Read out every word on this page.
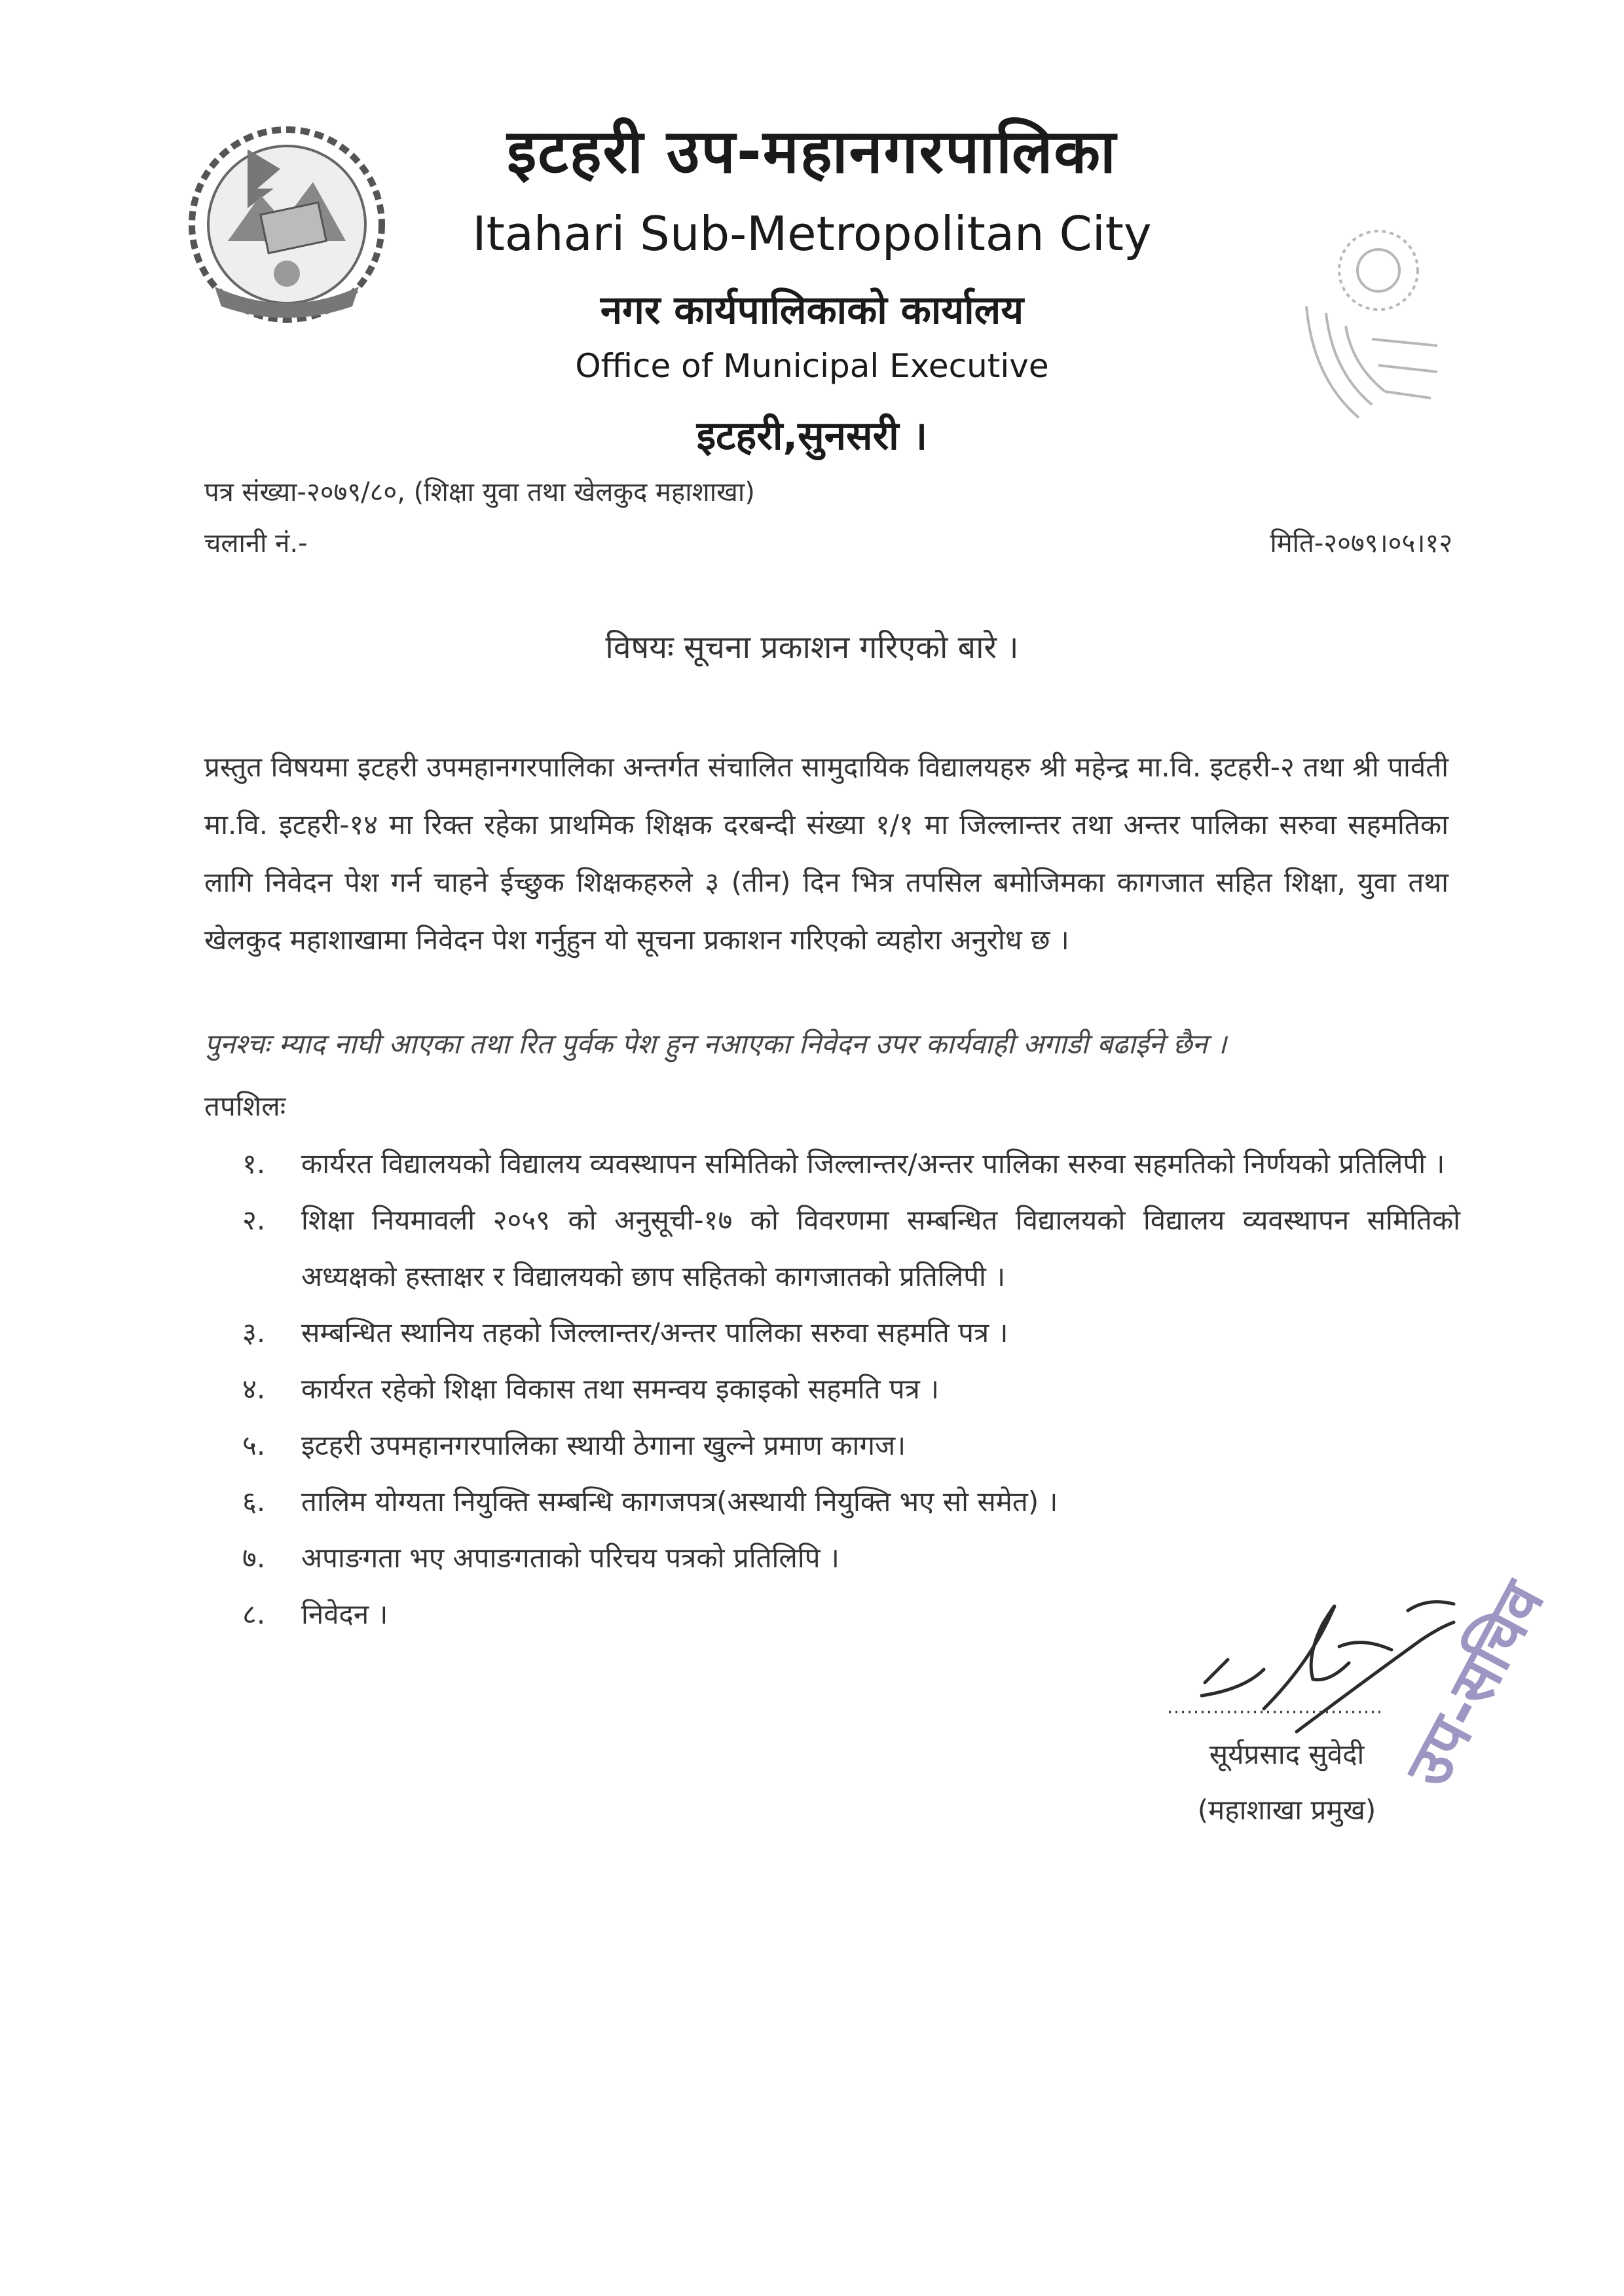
इटहरी उप-महानगरपालिका
Itahari Sub-Metropolitan City
नगर कार्यपालिकाको कार्यालय
Office of Municipal Executive
इटहरी,सुनसरी ।
पत्र संख्या-२०७९/८०, (शिक्षा युवा तथा खेलकुद महाशाखा)
चलानी नं.-	मिति-२०७९।०५।१२
विषयः सूचना प्रकाशन गरिएको बारे ।
प्रस्तुत विषयमा इटहरी उपमहानगरपालिका अन्तर्गत संचालित सामुदायिक विद्यालयहरु श्री महेन्द्र मा.वि. इटहरी-२ तथा श्री पार्वती मा.वि. इटहरी-१४ मा रिक्त रहेका प्राथमिक शिक्षक दरबन्दी संख्या १/१ मा जिल्लान्तर तथा अन्तर पालिका सरुवा सहमतिका लागि निवेदन पेश गर्न चाहने ईच्छुक शिक्षकहरुले ३ (तीन) दिन भित्र तपसिल बमोजिमका कागजात सहित शिक्षा, युवा तथा खेलकुद महाशाखामा निवेदन पेश गर्नुहुन यो सूचना प्रकाशन गरिएको व्यहोरा अनुरोध छ ।
पुनश्चः म्याद नाघी आएका तथा रित पुर्वक पेश हुन नआएका निवेदन उपर कार्यवाही अगाडी बढाईने छैन ।
तपशिलः
१.	कार्यरत विद्यालयको विद्यालय व्यवस्थापन समितिको जिल्लान्तर/अन्तर पालिका सरुवा सहमतिको निर्णयको प्रतिलिपी ।
२.	शिक्षा नियमावली २०५९ को अनुसूची-१७ को विवरणमा सम्बन्धित विद्यालयको विद्यालय व्यवस्थापन समितिको अध्यक्षको हस्ताक्षर र विद्यालयको छाप सहितको कागजातको प्रतिलिपी ।
३.	सम्बन्धित स्थानिय तहको जिल्लान्तर/अन्तर पालिका सरुवा सहमति पत्र ।
४.	कार्यरत रहेको शिक्षा विकास तथा समन्वय इकाइको सहमति पत्र ।
५.	इटहरी उपमहानगरपालिका स्थायी ठेगाना खुल्ने प्रमाण कागज।
६.	तालिम योग्यता नियुक्ति सम्बन्धि कागजपत्र(अस्थायी नियुक्ति भए सो समेत) ।
७.	अपाङगता भए अपाङगताको परिचय पत्रको प्रतिलिपि ।
८.	निवेदन ।
सूर्यप्रसाद सुवेदी
(महाशाखा प्रमुख)
उप-सचिव
